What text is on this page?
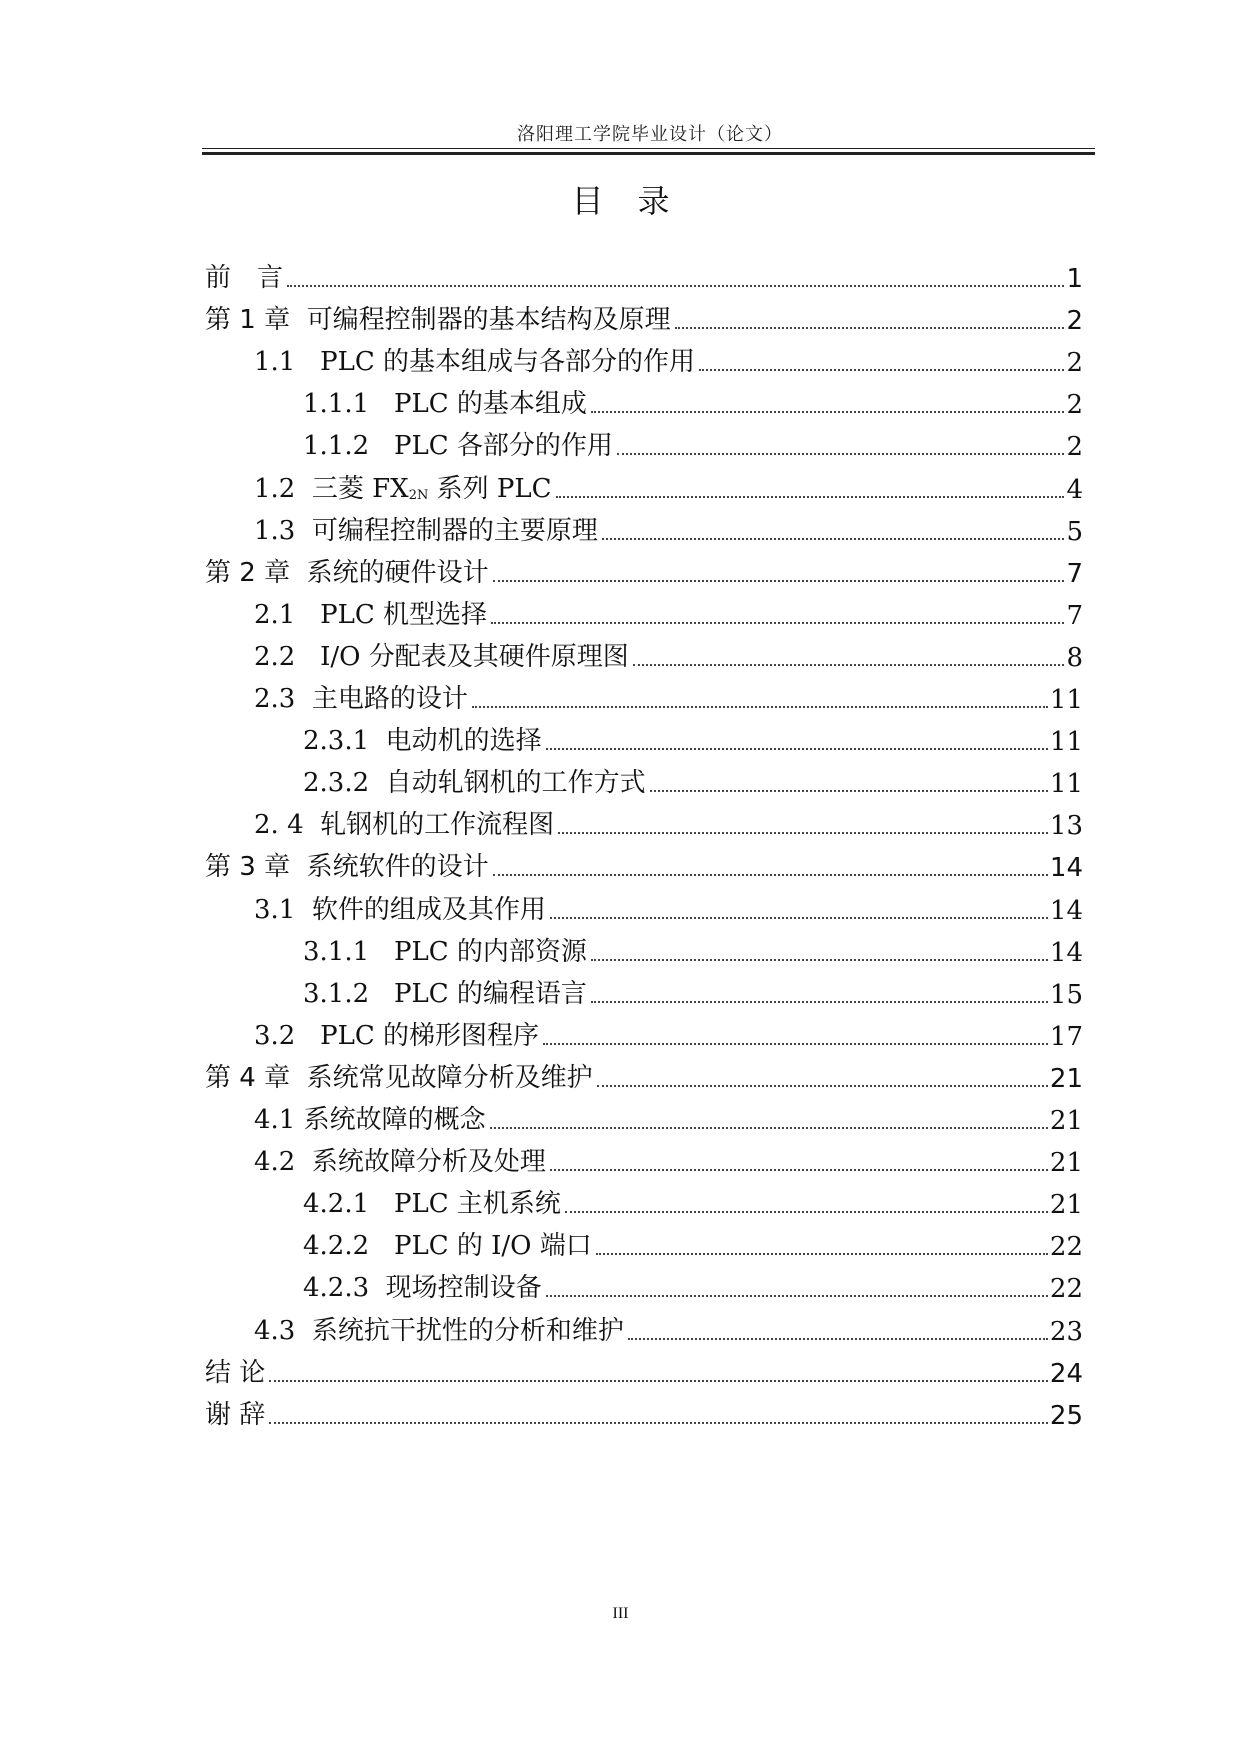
洛阳理工学院毕业设计（论文）
目录
前　言	1
第 1 章  可编程控制器的基本结构及原理	2
1.1   PLC 的基本组成与各部分的作用	2
1.1.1   PLC 的基本组成	2
1.1.2   PLC 各部分的作用	2
1.2  三菱 $FX_{2N}$ 系列 PLC	4
1.3  可编程控制器的主要原理	5
第 2 章  系统的硬件设计	7
2.1   PLC 机型选择	7
2.2   I/O 分配表及其硬件原理图	8
2.3  主电路的设计	11
2.3.1  电动机的选择	11
2.3.2  自动轧钢机的工作方式	11
2. 4  轧钢机的工作流程图	13
第 3 章  系统软件的设计	14
3.1  软件的组成及其作用	14
3.1.1   PLC 的内部资源	14
3.1.2   PLC 的编程语言	15
3.2   PLC 的梯形图程序	17
第 4 章  系统常见故障分析及维护	21
4.1 系统故障的概念	21
4.2  系统故障分析及处理	21
4.2.1   PLC 主机系统	21
4.2.2   PLC 的 I/O 端口	22
4.2.3  现场控制设备	22
4.3  系统抗干扰性的分析和维护	23
结 论	24
谢 辞	25
III
